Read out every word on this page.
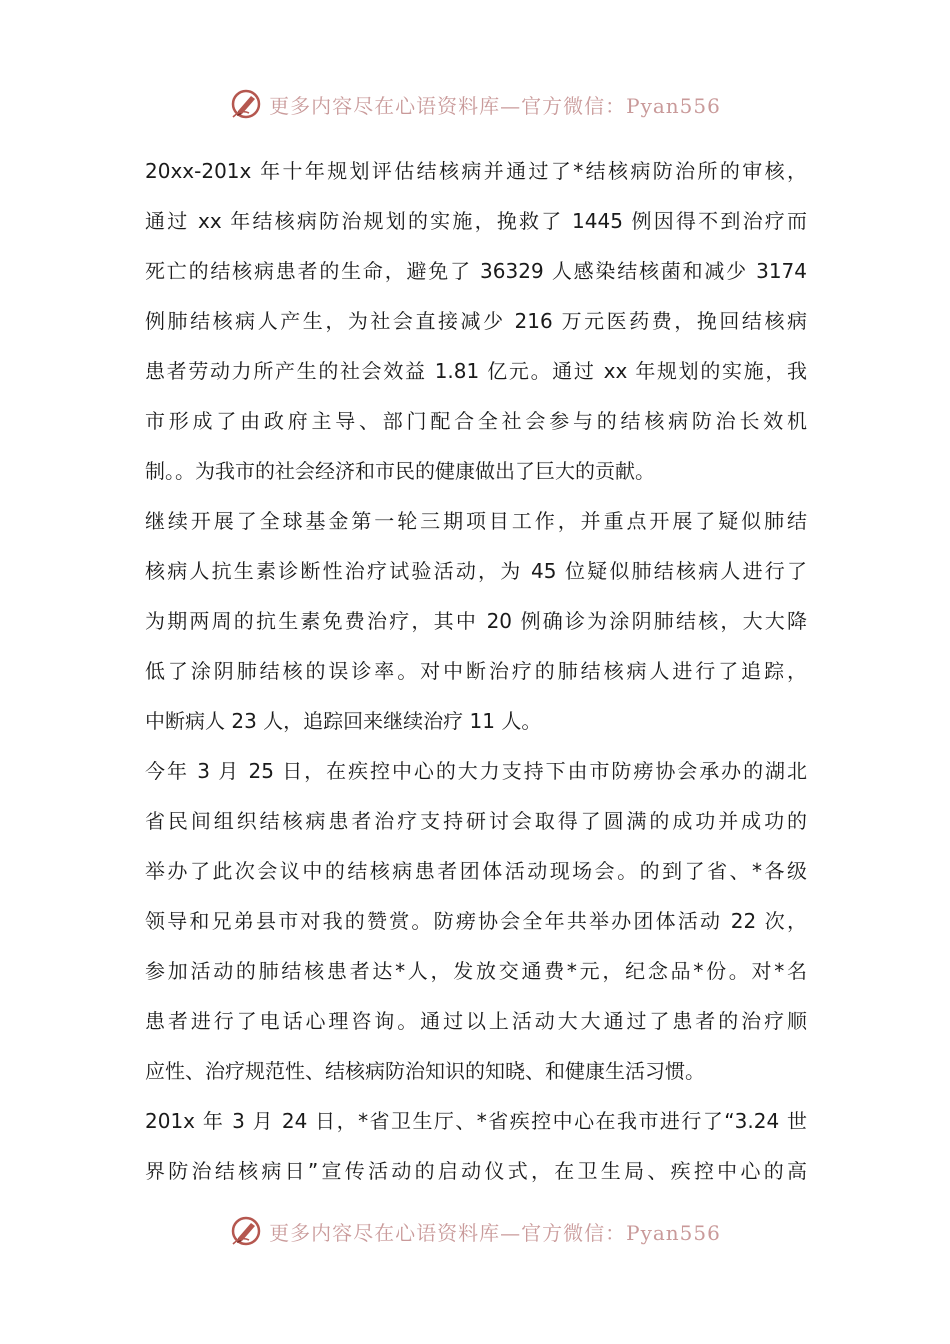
更多内容尽在心语资料库—官方微信：Pyan556
20xx-201x 年十年规划评估结核病并通过了*结核病防治所的审核，
通过 xx 年结核病防治规划的实施，挽救了 1445 例因得不到治疗而
死亡的结核病患者的生命，避免了 36329 人感染结核菌和减少 3174
例肺结核病人产生，为社会直接减少 216 万元医药费，挽回结核病
患者劳动力所产生的社会效益 1.81 亿元。通过 xx 年规划的实施，我
市形成了由政府主导、部门配合全社会参与的结核病防治长效机
制。。为我市的社会经济和市民的健康做出了巨大的贡献。
继续开展了全球基金第一轮三期项目工作，并重点开展了疑似肺结
核病人抗生素诊断性治疗试验活动，为 45 位疑似肺结核病人进行了
为期两周的抗生素免费治疗，其中 20 例确诊为涂阴肺结核，大大降
低了涂阴肺结核的误诊率。对中断治疗的肺结核病人进行了追踪，
中断病人 23 人，追踪回来继续治疗 11 人。
今年 3 月 25 日，在疾控中心的大力支持下由市防痨协会承办的湖北
省民间组织结核病患者治疗支持研讨会取得了圆满的成功并成功的
举办了此次会议中的结核病患者团体活动现场会。的到了省、*各级
领导和兄弟县市对我的赞赏。防痨协会全年共举办团体活动 22 次，
参加活动的肺结核患者达*人，发放交通费*元，纪念品*份。对*名
患者进行了电话心理咨询。通过以上活动大大通过了患者的治疗顺
应性、治疗规范性、结核病防治知识的知晓、和健康生活习惯。
201x 年 3 月 24 日，*省卫生厅、*省疾控中心在我市进行了“3.24 世
界防治结核病日”宣传活动的启动仪式，在卫生局、疾控中心的高
更多内容尽在心语资料库—官方微信：Pyan556
